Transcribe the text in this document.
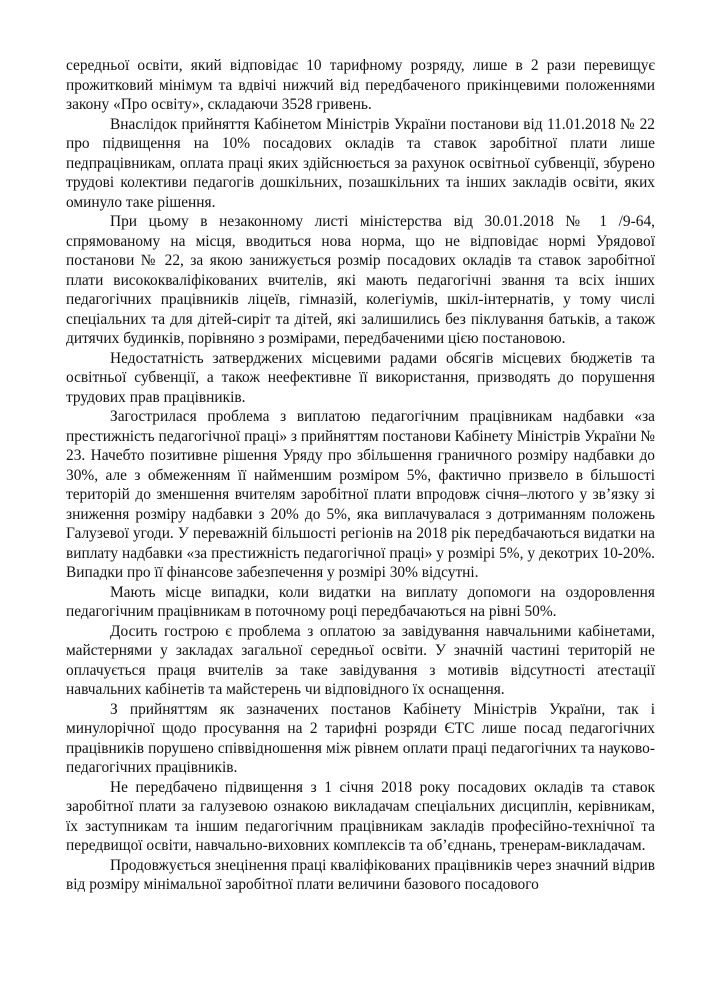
середньої освіти, який відповідає 10 тарифному розряду, лише в 2 рази перевищує прожитковий мінімум та вдвічі нижчий від передбаченого прикінцевими положеннями закону «Про освіту», складаючи 3528 гривень.

Внаслідок прийняття Кабінетом Міністрів України постанови від 11.01.2018 № 22 про підвищення на 10% посадових окладів та ставок заробітної плати лише педпрацівникам, оплата праці яких здійснюється за рахунок освітньої субвенції, збурено трудові колективи педагогів дошкільних, позашкільних та інших закладів освіти, яких оминуло таке рішення.

При цьому в незаконному листі міністерства від 30.01.2018 № 1 /9-64, спрямованому на місця, вводиться нова норма, що не відповідає нормі Урядової постанови № 22, за якою занижується розмір посадових окладів та ставок заробітної плати висококваліфікованих вчителів, які мають педагогічні звання та всіх інших педагогічних працівників ліцеїв, гімназій, колегіумів, шкіл-інтернатів, у тому числі спеціальних та для дітей-сиріт та дітей, які залишились без піклування батьків, а також дитячих будинків, порівняно з розмірами, передбаченими цією постановою.

Недостатність затверджених місцевими радами обсягів місцевих бюджетів та освітньої субвенції, а також неефективне її використання, призводять до порушення трудових прав працівників.

Загострилася проблема з виплатою педагогічним працівникам надбавки «за престижність педагогічної праці» з прийняттям постанови Кабінету Міністрів України № 23. Начебто позитивне рішення Уряду про збільшення граничного розміру надбавки до 30%, але з обмеженням її найменшим розміром 5%, фактично призвело в більшості територій до зменшення вчителям заробітної плати впродовж січня–лютого у зв’язку зі зниження розміру надбавки з 20% до 5%, яка виплачувалася з дотриманням положень Галузевої угоди. У переважній більшості регіонів на 2018 рік передбачаються видатки на виплату надбавки «за престижність педагогічної праці» у розмірі 5%, у декотрих 10-20%. Випадки про її фінансове забезпечення у розмірі 30% відсутні.

Мають місце випадки, коли видатки на виплату допомоги на оздоровлення педагогічним працівникам в поточному році передбачаються на рівні 50%.

Досить гострою є проблема з оплатою за завідування навчальними кабінетами, майстернями у закладах загальної середньої освіти. У значній частині територій не оплачується праця вчителів за таке завідування з мотивів відсутності атестації навчальних кабінетів та майстерень чи відповідного їх оснащення.

З прийняттям як зазначених постанов Кабінету Міністрів України, так і минулорічної щодо просування на 2 тарифні розряди ЄТС лише посад педагогічних працівників порушено співвідношення між рівнем оплати праці педагогічних та науково-педагогічних працівників.

Не передбачено підвищення з 1 січня 2018 року посадових окладів та ставок заробітної плати за галузевою ознакою викладачам спеціальних дисциплін, керівникам, їх заступникам та іншим педагогічним працівникам закладів професійно-технічної та передвищої освіти, навчально-виховних комплексів та об’єднань, тренерам-викладачам.

Продовжується знецінення праці кваліфікованих працівників через значний відрив від розміру мінімальної заробітної плати величини базового посадового
